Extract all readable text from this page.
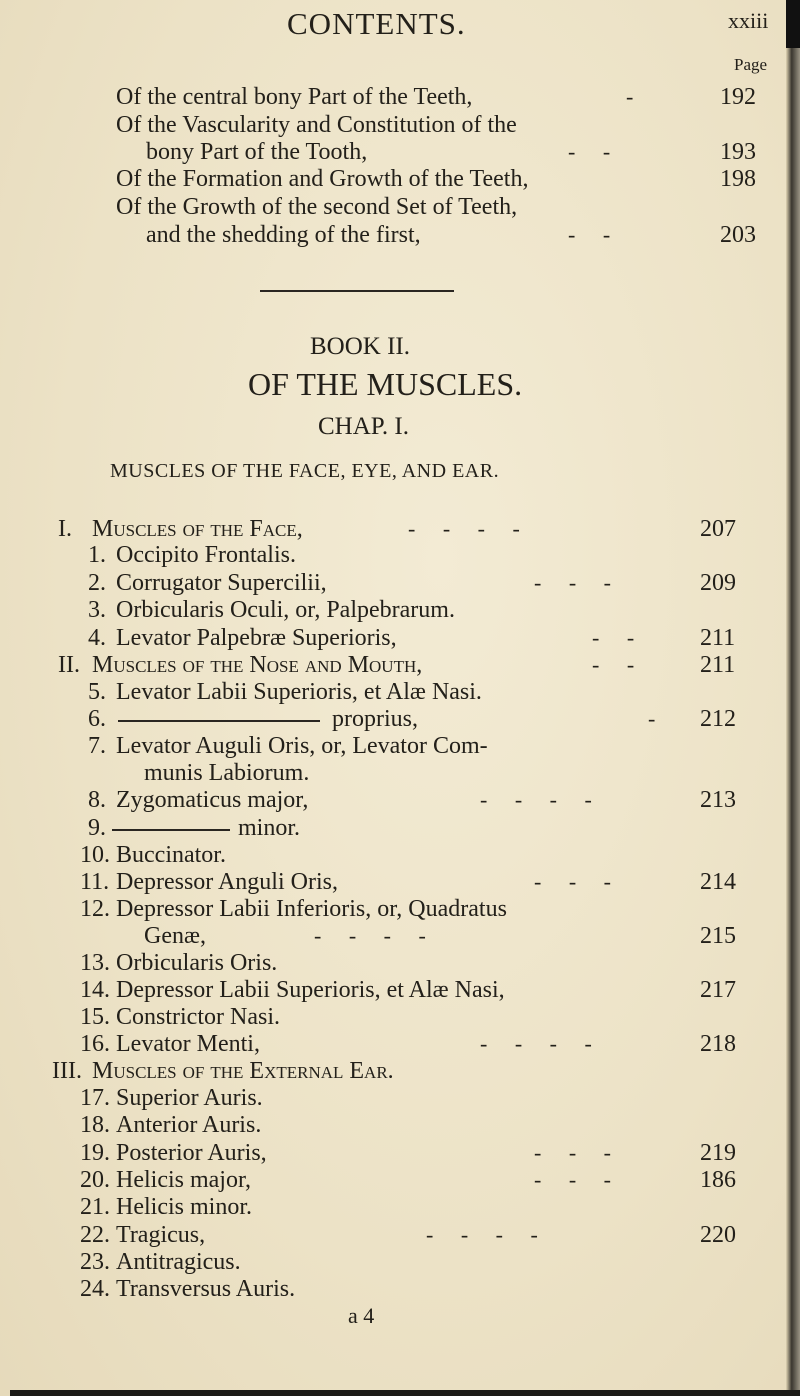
CONTENTS.	xxiii
Page
Of the central bony Part of the Teeth,	-	192
Of the Vascularity and Constitution of the
bony Part of the Tooth,	-     -	193
Of the Formation and Growth of the Teeth,	198
Of the Growth of the second Set of Teeth,
and the shedding of the first,	-     -	203
BOOK II.
OF THE MUSCLES.
CHAP. I.
MUSCLES OF THE FACE, EYE, AND EAR.
I. Muscles of the Face,	-     -     -     -	207
1. Occipito Frontalis.
2. Corrugator Supercilii,	-     -     -	209
3. Orbicularis Oculi, or, Palpebrarum.
4. Levator Palpebræ Superioris,	-     -	211
II. Muscles of the Nose and Mouth,	-     -	211
5. Levator Labii Superioris, et Alæ Nasi.
6.	proprius,	- 212
7. Levator Auguli Oris, or, Levator Com-
munis Labiorum.
8. Zygomaticus major,	-     -     -     -	213
9.	minor.
10. Buccinator.
11. Depressor Anguli Oris,	-     -     -	214
12. Depressor Labii Inferioris, or, Quadratus
Genæ,	-     -     -     -	215
13. Orbicularis Oris.
14. Depressor Labii Superioris, et Alæ Nasi,	217
15. Constrictor Nasi.
16. Levator Menti,	-     -     -     -	218
III. Muscles of the External Ear.
17. Superior Auris.
18. Anterior Auris.
19. Posterior Auris,	-     -     -	219
20. Helicis major,	-     -     -	186
21. Helicis minor.
22. Tragicus,	-     -     -     -	220
23. Antitragicus.
24. Transversus Auris.
a 4
